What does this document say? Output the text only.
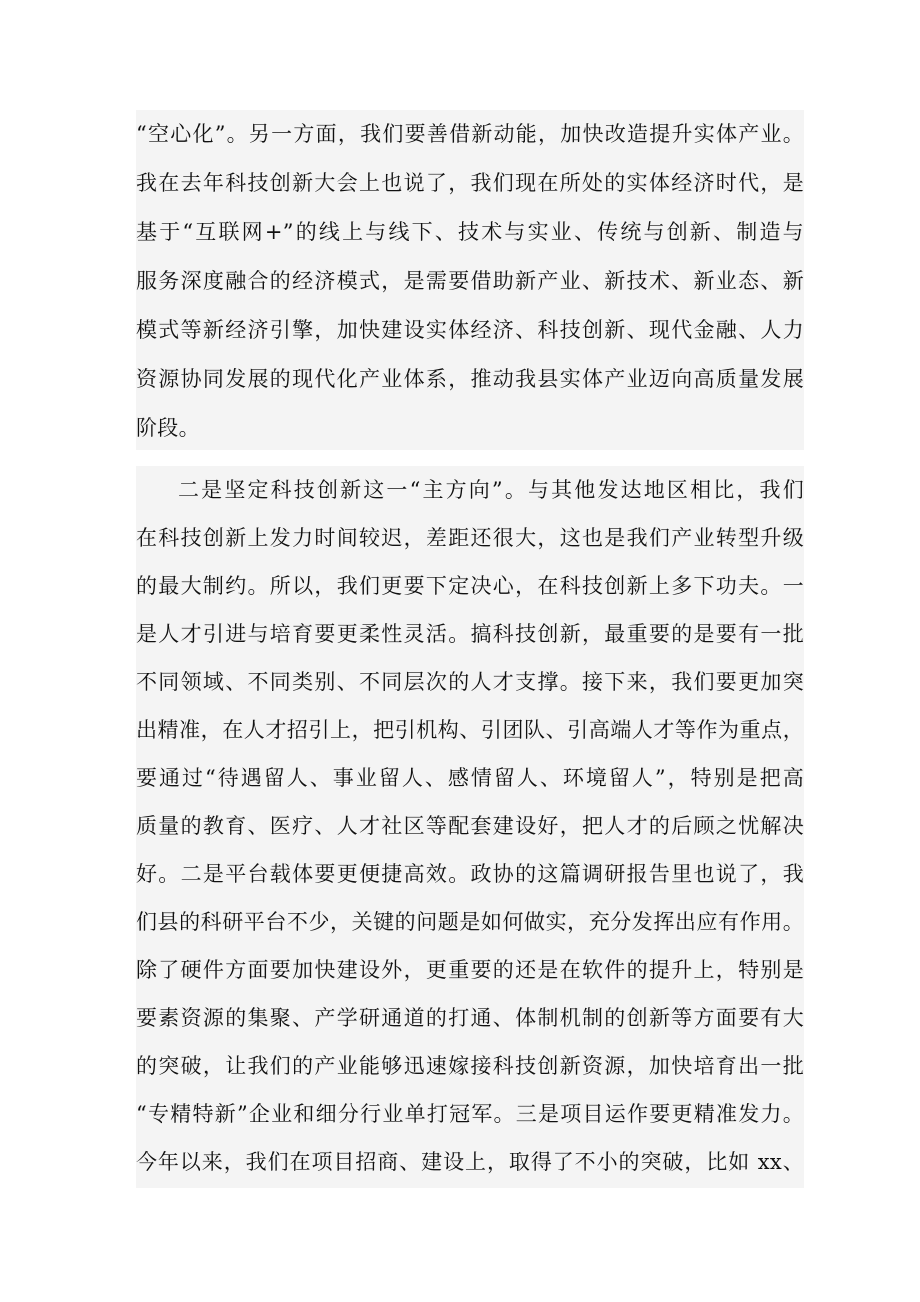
“空心化”。另一方面，我们要善借新动能，加快改造提升实体产业。
我在去年科技创新大会上也说了，我们现在所处的实体经济时代，是
基于“互联网+”的线上与线下、技术与实业、传统与创新、制造与
服务深度融合的经济模式，是需要借助新产业、新技术、新业态、新
模式等新经济引擎，加快建设实体经济、科技创新、现代金融、人力
资源协同发展的现代化产业体系，推动我县实体产业迈向高质量发展
阶段。
二是坚定科技创新这一“主方向”。与其他发达地区相比，我们
在科技创新上发力时间较迟，差距还很大，这也是我们产业转型升级
的最大制约。所以，我们更要下定决心，在科技创新上多下功夫。一
是人才引进与培育要更柔性灵活。搞科技创新，最重要的是要有一批
不同领域、不同类别、不同层次的人才支撑。接下来，我们要更加突
出精准，在人才招引上，把引机构、引团队、引高端人才等作为重点，
要通过“待遇留人、事业留人、感情留人、环境留人”，特别是把高
质量的教育、医疗、人才社区等配套建设好，把人才的后顾之忧解决
好。二是平台载体要更便捷高效。政协的这篇调研报告里也说了，我
们县的科研平台不少，关键的问题是如何做实，充分发挥出应有作用。
除了硬件方面要加快建设外，更重要的还是在软件的提升上，特别是
要素资源的集聚、产学研通道的打通、体制机制的创新等方面要有大
的突破，让我们的产业能够迅速嫁接科技创新资源，加快培育出一批
“专精特新”企业和细分行业单打冠军。三是项目运作要更精准发力。
今年以来，我们在项目招商、建设上，取得了不小的突破，比如 xx、
